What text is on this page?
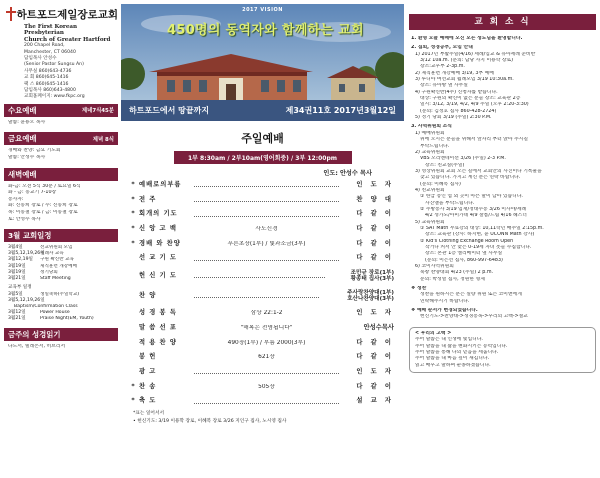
하트포드제일장로교회
The First Korean Presbyterian
Church of Greater Hartford
200 Chapel Road,
Manchester, CT 06040
담임목사 안성수
(Senior Pastor Sungsu An)
사무실 860)643-4736
교 회 860)645-1416
팩 스 860)645-1416
담임목사 860)643-4800
교회홈페이지: www.fkpc.org
수요예배	제네7식45분
말씀: 윤용오 목사
금요예배	제녁 8식
경배와 찬양: 금요 기도회
말씀: 안성수 목사
새벽예배
화-금: 오전 5식 30분 / 토요일 6식
화 - 금: 동교기 7-10장
봉사자:
화: 신동희 장로 / 수: 신동희 장로
목: 이동철 장로 / 금: 이동철 장로
토: 안성수 목사
3월 교회일정
3월4일	선교위원회 모임
3월5,12,19,26일
세례자 교육
3월12,19일	구원 확신반 교육
3월19일	제직훈련 개강예배
3월19일	정기당회
3월21일	Staff Meeting
교육부 일정
3월5일	생일축하(주일학교)
3월5,12,19,26일
Baptism/Confirmation Class
3월12일	Power House
3월21일	Praise Night(EM, Youth)
금주의 성경읽기
다도서, 빌레몬서, 히브리서
2017 VISION
450명의 동역자와 함께하는 교회
하트포드에서 땅끝까지	제34권11호 2017년3월12일
주일예배
1부 8:30am / 2부10am(영어회중) / 3부 12:00pm
인도: 안성수 목사
* 예배로의부름	인 도 자
* 전 주	찬 양 대
* 회개의 기도	다 같 이
* 신 앙 고 백	사도신경	다 같 이
* 경배 와 찬양	푸른초장(1부) / 빛과소금(3부)	다 같 이
선 교 기 도	다 같 이
헌 신 기 도	조민규 장로(1부)
황종태 집사(3부)
찬 양	주사랑찬양대(1부)
호산나찬양대(3부)
성 경 봉 독	삼상 22:1-2	인 도 자
말 씀 선 포	"해복은 전염됩니다"	안성수목사
적 용 찬 양	490장(1부) / 부름 2000(3부)	다 같 이
봉 헌	621장	다 같 이
광 고	인 도 자
* 찬 송	505장	다 같 이
* 축 도	설 교 자
*표는 일어서서
• 헌신기도: 3/19 이용학 장로, 이혜복 장로 3/26 지인구 집사, 노시영 집사
교 회 소 식
1. 환영 오늘 예배에 오신 모든 성도님을 환영합니다.
2. 집회, 성경공부, 모임 안내
1) 2017년 부활주일(4/16) 세례/입교 & 유아세례 준비반
3/12 10a.m. (문의: 담당 사지 이용학 장로)
장소:교우부 2-3p.m.
2) 제직훈련 개강예배 3/19, 3부 예배
3) 루디아 여선교회 월례모임 3/19 10:30a.m.
장소: 유아방 옆 사무실
4) 구원확신반(4주) 신청자를 받습니다.
대상: 구원의 확신이 없는 분들 장소: 교육관 2층
일시: 3/12, 3/19, 4/2, 4/9 주일 (오후 2:20-3:30)
(문의: 김정호 집사 860-428-2724)
5) 정기 당회 3/19 (주일) 2:30 P.M.
3. 사역위원회 소식
1) 예배위원회
위에 오시는 분들을 위해서 앞자리 부터 앉아 주시길
부탁드립니다.
2) 교육위원회
VBS 오리엔테이션 3/26 (주일) 2-3 P.M.
장소: 친교실(주일)
3) 영상위원회 교회 오는 길에서 교회안의 사진이나 기록물을
찾고 있습니다. 가지고 계신 분은 연락 바랍니다.
(문의: 이혜복 집사)
4) 친교위원회
① 한급 봉인 업 외 곳이 아픈 말이 남아 있습니다.
사진앨을 부탁드립니다.
② 주방봉사 3/19 임재/정대수봉 3/26 이사야/세례
4/2 성가노/아미가네 4/9 살롬/드림 4/16 헤스더
5) 교육위원회
① SAT Math 무료강의 대상: 10,11학년 매주일 2:15p.m.
장소: 교육관 (강사: 하지현, 윤 UCONN Math 강사)
② Kid's Clothing Exchange Room Open
작거나 커서 안 맞는 0-19세 자녀 옷들 수집합니다.
장소: 본관 1층 엘리베이터 옆 사무실
(문의: 이은선 집사, 860-997-6483)
6) 코이사역위원회
북창 찬양대회 4/23 (주일) 2 p.m.
문의: 박성열 집사, 정원한 형제
❖ 성찬
성찬을 원하시는 분은 실량 위원 또는 코이앤에게
연락해주시기 바랍니다.
❖ 예배 순서가 변경되었습니다.
헌신기도->찬양대->성경봉독->우리의 고백->설교
< 우리의 고백 >
주어 말씀은 내 인생에 빛입니다.
주어 말씀을 내 삶을 변화시키는 능력입니다.
주어 말씀을 통해 나의 믿음을 세웁니다.
주어 말씀을 내 마음 깊이 새깁니다.
읽고 배우고 말하며 순종하겠습니다.
